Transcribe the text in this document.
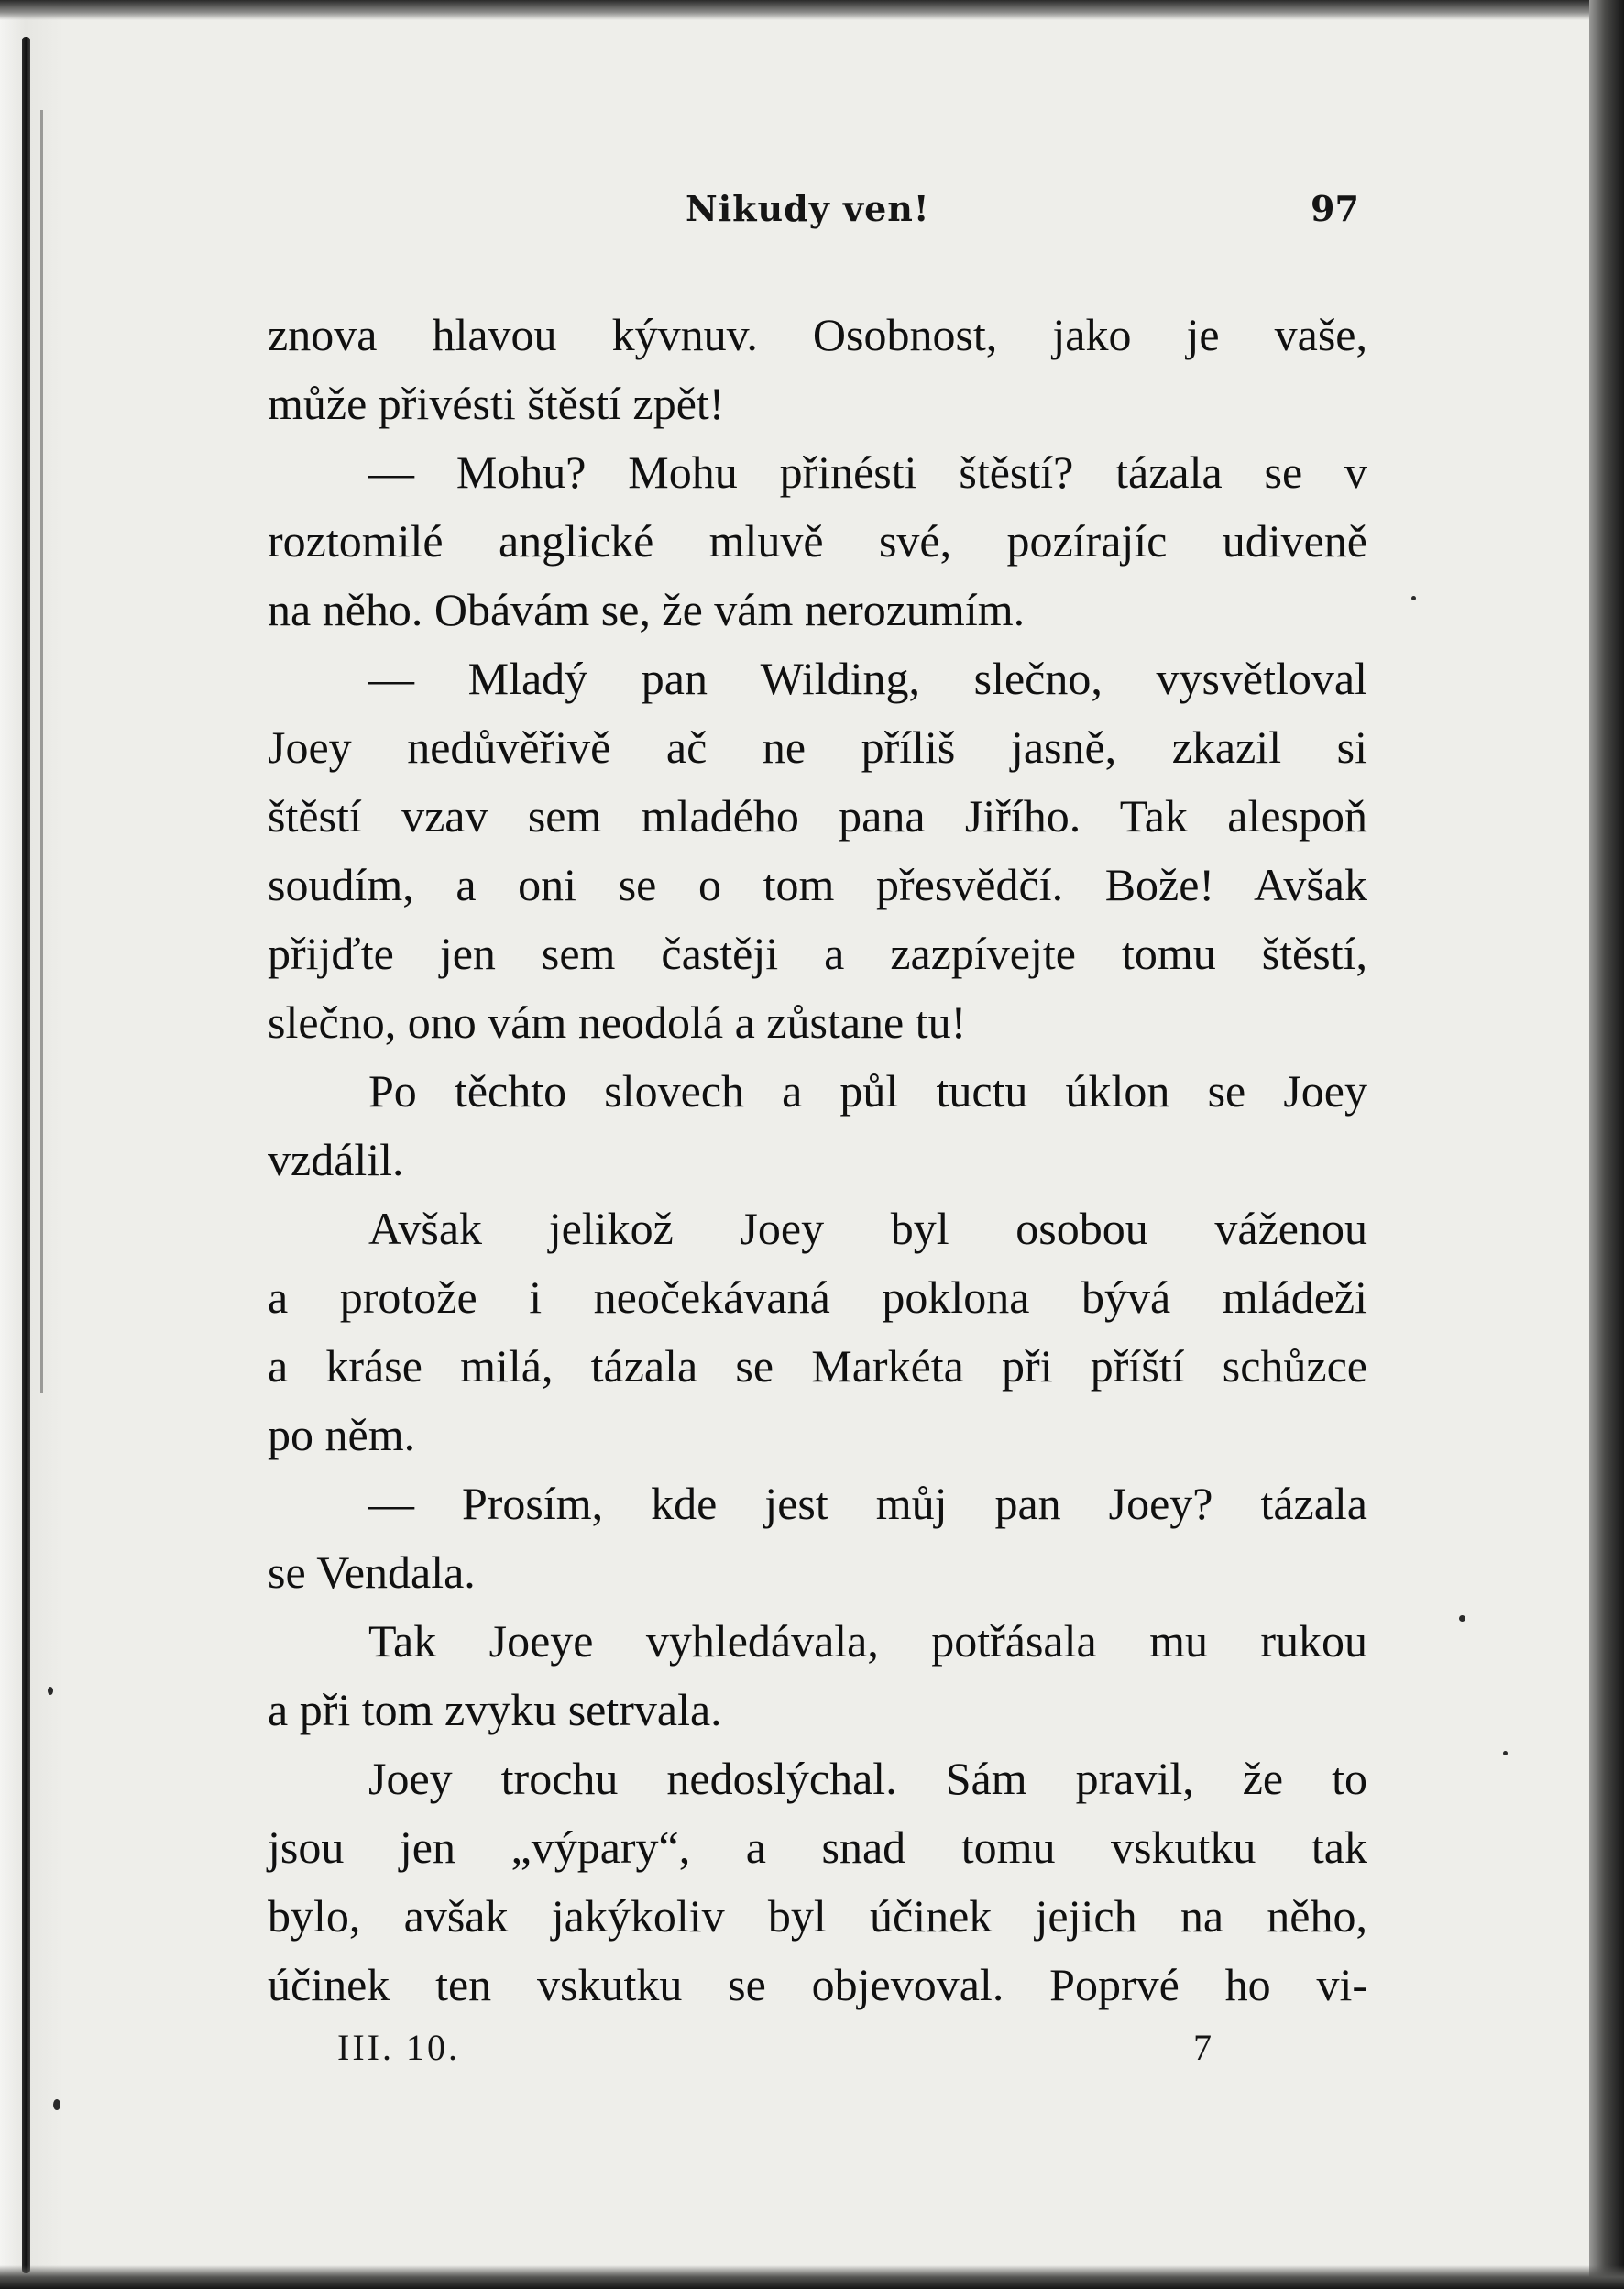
Nikudy ven!	97
znova hlavou kývnuv. Osobnost, jako je vaše,
může přivésti štěstí zpět!
— Mohu? Mohu přinésti štěstí? tázala se v
roztomilé anglické mluvě své, pozírajíc udiveně
na něho. Obávám se, že vám nerozumím.
— Mladý pan Wilding, slečno, vysvětloval
Joey nedůvěřivě ač ne příliš jasně, zkazil si
štěstí vzav sem mladého pana Jiřího. Tak alespoň
soudím, a oni se o tom přesvědčí. Bože! Avšak
přijďte jen sem častěji a zazpívejte tomu štěstí,
slečno, ono vám neodolá a zůstane tu!
Po těchto slovech a půl tuctu úklon se Joey
vzdálil.
Avšak jelikož Joey byl osobou váženou
a protože i neočekávaná poklona bývá mládeži
a kráse milá, tázala se Markéta při příští schůzce
po něm.
— Prosím, kde jest můj pan Joey? tázala
se Vendala.
Tak Joeye vyhledávala, potřásala mu rukou
a při tom zvyku setrvala.
Joey trochu nedoslýchal. Sám pravil, že to
jsou jen „výpary“, a snad tomu vskutku tak
bylo, avšak jakýkoliv byl účinek jejich na něho,
účinek ten vskutku se objevoval. Poprvé ho vi-
III. 10.	7
